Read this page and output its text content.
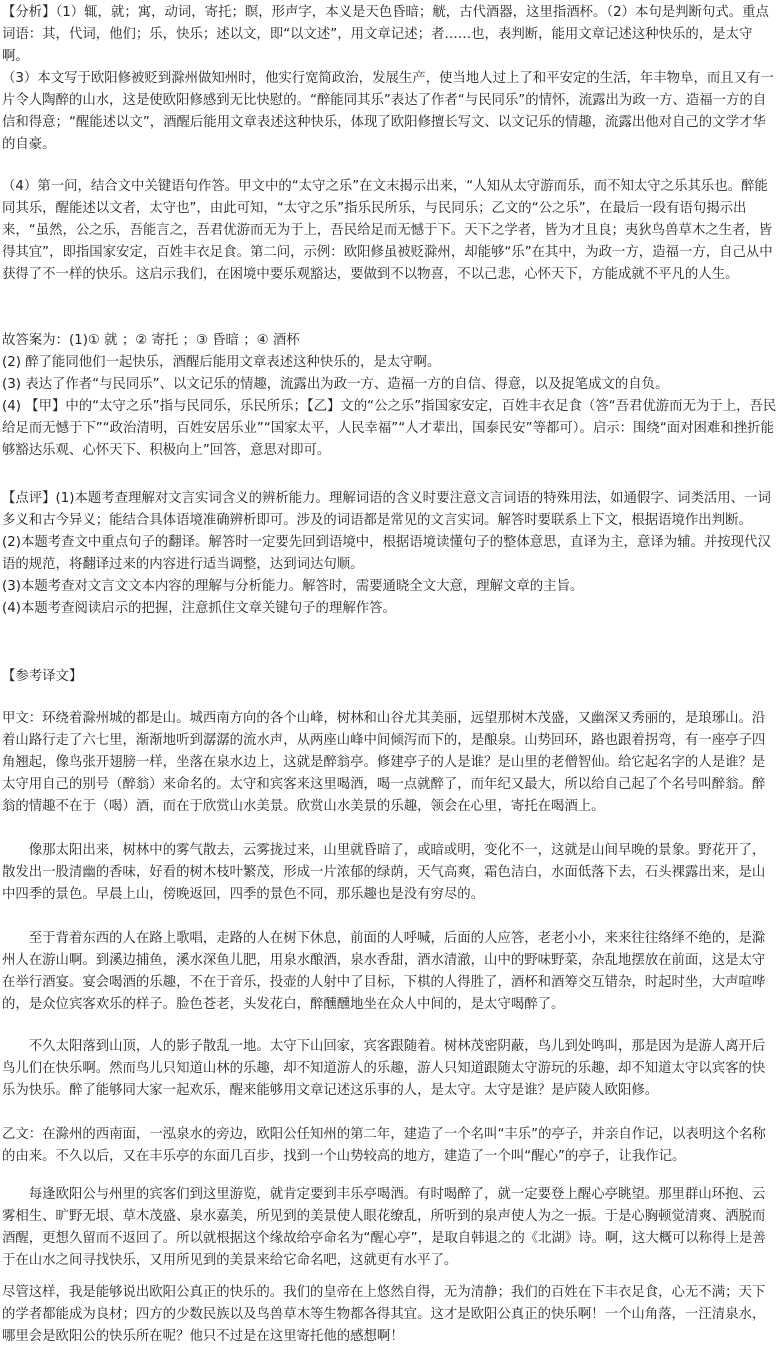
【分析】（1）辄，就；寓，动词，寄托；瞑，形声字，本义是天色昏暗；觥，古代酒器，这里指酒杯。（2）本句是判断句式。重点词语：其，代词，他们；乐，快乐；述以文，即“以文述”，用文章记述；者……也，表判断，能用文章记述这种快乐的，是太守啊。

（3）本文写于欧阳修被贬到滁州做知州时，他实行宽简政治，发展生产，使当地人过上了和平安定的生活，年丰物阜，而且又有一片令人陶醉的山水，这是使欧阳修感到无比快慰的。“醉能同其乐”表达了作者“与民同乐”的情怀，流露出为政一方、造福一方的自信和得意；“醒能述以文”，酒醒后能用文章表述这种快乐，体现了欧阳修擅长写文、以文记乐的情趣，流露出他对自己的文学才华的自豪。

（4）第一问，结合文中关键语句作答。甲文中的“太守之乐”在文末揭示出来，“人知从太守游而乐，而不知太守之乐其乐也。醉能同其乐，醒能述以文者，太守也”，由此可知，“太守之乐”指乐民所乐，与民同乐；乙文的“公之乐”，在最后一段有语句揭示出来，“虽然，公之乐，吾能言之，吾君优游而无为于上，吾民给足而无憾于下。天下之学者，皆为才且良；夷狄鸟兽草木之生者，皆得其宜”，即指国家安定，百姓丰衣足食。第二问，示例：欧阳修虽被贬滁州，却能够“乐”在其中，为政一方，造福一方，自己从中获得了不一样的快乐。这启示我们，在困境中要乐观豁达，要做到不以物喜，不以己悲，心怀天下，方能成就不平凡的人生。

故答案为：(1)① 就 ；② 寄托 ；③ 昏暗 ；④ 酒杯

(2) 醉了能同他们一起快乐，酒醒后能用文章表述这种快乐的，是太守啊。

(3) 表达了作者“与民同乐”、以文记乐的情趣，流露出为政一方、造福一方的自信、得意，以及捉笔成文的自负。

(4) 【甲】中的“太守之乐”指与民同乐，乐民所乐；【乙】文的“公之乐”指国家安定，百姓丰衣足食（答“吾君优游而无为于上，吾民给足而无憾于下”“政治清明，百姓安居乐业”“国家太平，人民幸福”“人才辈出，国泰民安”等都可）。启示：围绕“面对困难和挫折能够豁达乐观、心怀天下、积极向上”回答，意思对即可。

【点评】(1)本题考查理解对文言实词含义的辨析能力。理解词语的含义时要注意文言词语的特殊用法，如通假字、词类活用、一词多义和古今异义；能结合具体语境准确辨析即可。涉及的词语都是常见的文言实词。解答时要联系上下文，根据语境作出判断。

(2)本题考查文中重点句子的翻译。解答时一定要先回到语境中，根据语境读懂句子的整体意思，直译为主，意译为辅。并按现代汉语的规范，将翻译过来的内容进行适当调整，达到词达句顺。

(3)本题考查对文言文文本内容的理解与分析能力。解答时，需要通晓全文大意，理解文章的主旨。

(4)本题考查阅读启示的把握，注意抓住文章关键句子的理解作答。

【参考译文】

甲文：环绕着滁州城的都是山。城西南方向的各个山峰，树林和山谷尤其美丽，远望那树木茂盛，又幽深又秀丽的，是琅琊山。沿着山路行走了六七里，渐渐地听到潺潺的流水声，从两座山峰中间倾泻而下的，是酿泉。山势回环，路也跟着拐弯，有一座亭子四角翘起，像鸟张开翅膀一样，坐落在泉水边上，这就是醉翁亭。修建亭子的人是谁？是山里的老僧智仙。给它起名字的人是谁？是太守用自己的别号（醉翁）来命名的。太守和宾客来这里喝酒，喝一点就醉了，而年纪又最大，所以给自己起了个名号叫醉翁。醉翁的情趣不在于（喝）酒，而在于欣赏山水美景。欣赏山水美景的乐趣，领会在心里，寄托在喝酒上。

像那太阳出来，树林中的雾气散去，云雾拢过来，山里就昏暗了，或暗或明，变化不一，这就是山间早晚的景象。野花开了，散发出一股清幽的香味，好看的树木枝叶繁茂，形成一片浓郁的绿荫，天气高爽，霜色洁白，水面低落下去，石头裸露出来，是山中四季的景色。早晨上山，傍晚返回，四季的景色不同，那乐趣也是没有穷尽的。

至于背着东西的人在路上歌唱，走路的人在树下休息，前面的人呼喊，后面的人应答，老老小小，来来往往络绎不绝的，是滁州人在游山啊。到溪边捕鱼，溪水深鱼儿肥，用泉水酿酒，泉水香甜，酒水清澈，山中的野味野菜，杂乱地摆放在前面，这是太守在举行酒宴。宴会喝酒的乐趣，不在于音乐，投壶的人射中了目标，下棋的人得胜了，酒杯和酒筹交互错杂，时起时坐，大声喧哗的，是众位宾客欢乐的样子。脸色苍老，头发花白，醉醺醺地坐在众人中间的，是太守喝醉了。

不久太阳落到山顶，人的影子散乱一地。太守下山回家，宾客跟随着。树林茂密阴蔽，鸟儿到处鸣叫，那是因为是游人离开后鸟儿们在快乐啊。然而鸟儿只知道山林的乐趣，却不知道游人的乐趣，游人只知道跟随太守游玩的乐趣，却不知道太守以宾客的快乐为快乐。醉了能够同大家一起欢乐，醒来能够用文章记述这乐事的人，是太守。太守是谁？是庐陵人欧阳修。

乙文：在滁州的西南面，一泓泉水的旁边，欧阳公任知州的第二年，建造了一个名叫“丰乐”的亭子，并亲自作记，以表明这个名称的由来。不久以后，又在丰乐亭的东面几百步，找到一个山势较高的地方，建造了一个叫“醒心”的亭子，让我作记。

每逢欧阳公与州里的宾客们到这里游览，就肯定要到丰乐亭喝酒。有时喝醉了，就一定要登上醒心亭眺望。那里群山环抱、云雾相生、旷野无垠、草木茂盛、泉水嘉美，所见到的美景使人眼花缭乱，所听到的泉声使人为之一振。于是心胸顿觉清爽、洒脱而酒醒，更想久留而不返回了。所以就根据这个缘故给亭命名为“醒心亭”，是取自韩退之的《北湖》诗。啊，这大概可以称得上是善于在山水之间寻找快乐，又用所见到的美景来给它命名吧，这就更有水平了。

尽管这样，我是能够说出欧阳公真正的快乐的。我们的皇帝在上悠然自得，无为清静；我们的百姓在下丰衣足食，心无不满；天下的学者都能成为良材；四方的少数民族以及鸟兽草木等生物都各得其宜。这才是欧阳公真正的快乐啊！一个山角落，一汪清泉水，哪里会是欧阳公的快乐所在呢？他只不过是在这里寄托他的感想啊！
